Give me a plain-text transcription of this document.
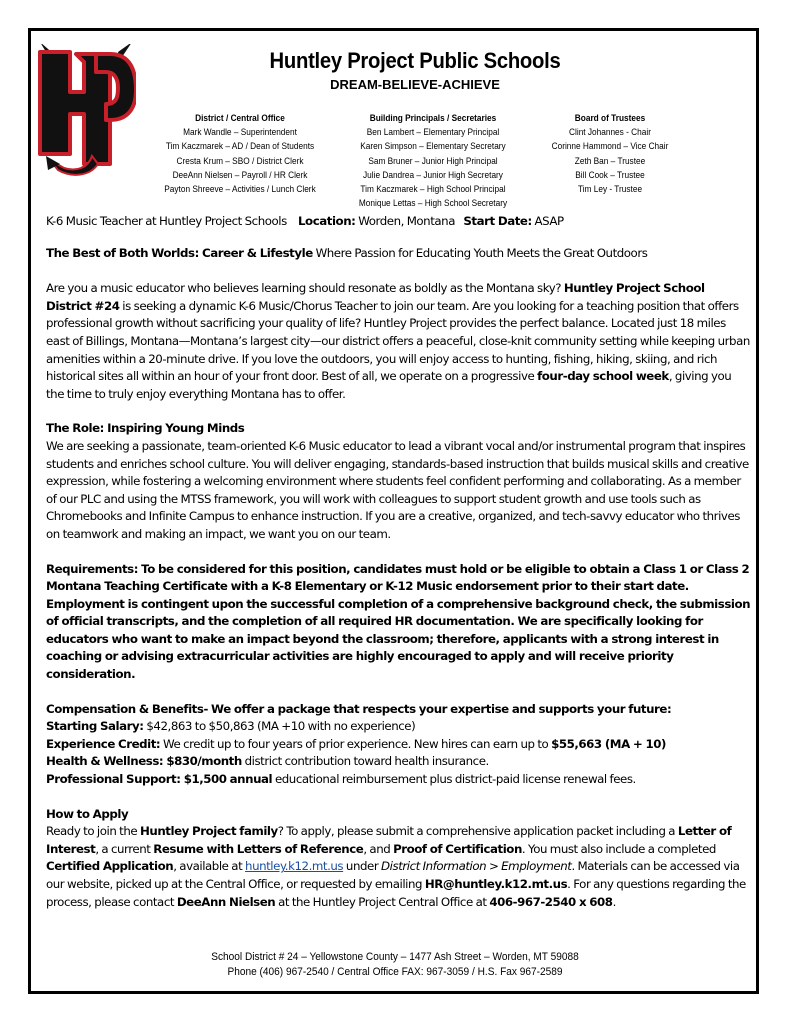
Huntley Project Public Schools
DREAM-BELIEVE-ACHIEVE
District / Central Office
Mark Wandle – Superintendent
Tim Kaczmarek – AD / Dean of Students
Cresta Krum – SBO / District Clerk
DeeAnn Nielsen – Payroll / HR Clerk
Payton Shreeve – Activities / Lunch Clerk
Building Principals / Secretaries
Ben Lambert – Elementary Principal
Karen Simpson – Elementary Secretary
Sam Bruner – Junior High Principal
Julie Dandrea – Junior High Secretary
Tim Kaczmarek – High School Principal
Monique Lettas – High School Secretary
Board of Trustees
Clint Johannes - Chair
Corinne Hammond – Vice Chair
Zeth Ban – Trustee
Bill Cook – Trustee
Tim Ley - Trustee

K-6 Music Teacher at Huntley Project Schools Location: Worden, Montana Start Date: ASAP

The Best of Both Worlds: Career & Lifestyle Where Passion for Educating Youth Meets the Great Outdoors

Are you a music educator who believes learning should resonate as boldly as the Montana sky? Huntley Project School District #24 is seeking a dynamic K-6 Music/Chorus Teacher to join our team. Are you looking for a teaching position that offers professional growth without sacrificing your quality of life? Huntley Project provides the perfect balance. Located just 18 miles east of Billings, Montana—Montana’s largest city—our district offers a peaceful, close-knit community setting while keeping urban amenities within a 20-minute drive. If you love the outdoors, you will enjoy access to hunting, fishing, hiking, skiing, and rich historical sites all within an hour of your front door. Best of all, we operate on a progressive four-day school week, giving you the time to truly enjoy everything Montana has to offer.

The Role: Inspiring Young Minds

We are seeking a passionate, team-oriented K-6 Music educator to lead a vibrant vocal and/or instrumental program that inspires students and enriches school culture. You will deliver engaging, standards-based instruction that builds musical skills and creative expression, while fostering a welcoming environment where students feel confident performing and collaborating. As a member of our PLC and using the MTSS framework, you will work with colleagues to support student growth and use tools such as Chromebooks and Infinite Campus to enhance instruction. If you are a creative, organized, and tech-savvy educator who thrives on teamwork and making an impact, we want you on our team.

Requirements: To be considered for this position, candidates must hold or be eligible to obtain a Class 1 or Class 2 Montana Teaching Certificate with a K-8 Elementary or K-12 Music endorsement prior to their start date. Employment is contingent upon the successful completion of a comprehensive background check, the submission of official transcripts, and the completion of all required HR documentation. We are specifically looking for educators who want to make an impact beyond the classroom; therefore, applicants with a strong interest in coaching or advising extracurricular activities are highly encouraged to apply and will receive priority consideration.

Compensation & Benefits- We offer a package that respects your expertise and supports your future:

Starting Salary: $42,863 to $50,863 (MA +10 with no experience)

Experience Credit: We credit up to four years of prior experience. New hires can earn up to $55,663 (MA + 10)

Health & Wellness: $830/month district contribution toward health insurance.

Professional Support: $1,500 annual educational reimbursement plus district-paid license renewal fees.

How to Apply

Ready to join the Huntley Project family? To apply, please submit a comprehensive application packet including a Letter of Interest, a current Resume with Letters of Reference, and Proof of Certification. You must also include a completed Certified Application, available at huntley.k12.mt.us under District Information > Employment. Materials can be accessed via our website, picked up at the Central Office, or requested by emailing HR@huntley.k12.mt.us. For any questions regarding the process, please contact DeeAnn Nielsen at the Huntley Project Central Office at 406-967-2540 x 608.

School District # 24 – Yellowstone County – 1477 Ash Street – Worden, MT 59088
Phone (406) 967-2540 / Central Office FAX: 967-3059 / H.S. Fax 967-2589
